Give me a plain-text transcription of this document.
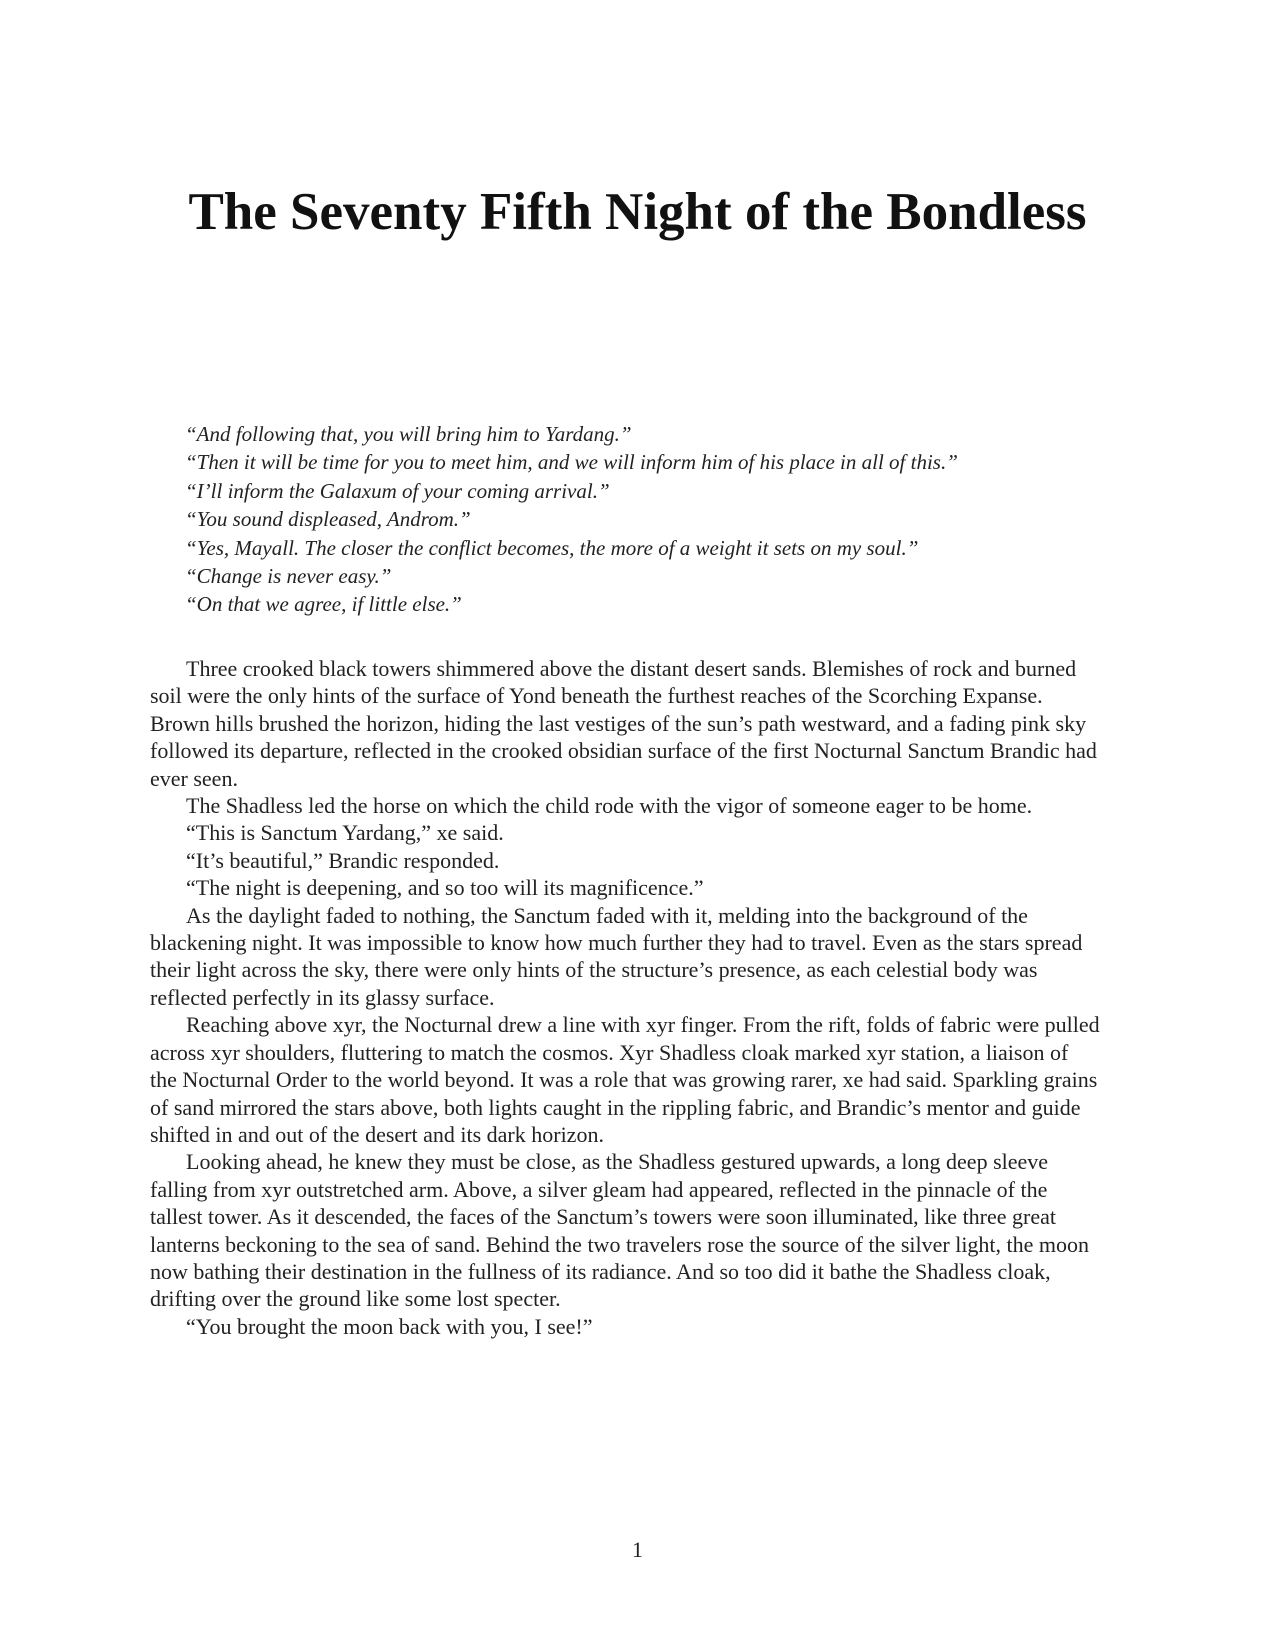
The Seventy Fifth Night of the Bondless
“And following that, you will bring him to Yardang.”
“Then it will be time for you to meet him, and we will inform him of his place in all of this.”
“I’ll inform the Galaxum of your coming arrival.”
“You sound displeased, Androm.”
“Yes, Mayall. The closer the conflict becomes, the more of a weight it sets on my soul.”
“Change is never easy.”
“On that we agree, if little else.”

Three crooked black towers shimmered above the distant desert sands. Blemishes of rock and burned soil were the only hints of the surface of Yond beneath the furthest reaches of the Scorching Expanse. Brown hills brushed the horizon, hiding the last vestiges of the sun’s path westward, and a fading pink sky followed its departure, reflected in the crooked obsidian surface of the first Nocturnal Sanctum Brandic had ever seen.

The Shadless led the horse on which the child rode with the vigor of someone eager to be home.

“This is Sanctum Yardang,” xe said.

“It’s beautiful,” Brandic responded.

“The night is deepening, and so too will its magnificence.”

As the daylight faded to nothing, the Sanctum faded with it, melding into the background of the blackening night. It was impossible to know how much further they had to travel. Even as the stars spread their light across the sky, there were only hints of the structure’s presence, as each celestial body was reflected perfectly in its glassy surface.

Reaching above xyr, the Nocturnal drew a line with xyr finger. From the rift, folds of fabric were pulled across xyr shoulders, fluttering to match the cosmos. Xyr Shadless cloak marked xyr station, a liaison of the Nocturnal Order to the world beyond. It was a role that was growing rarer, xe had said. Sparkling grains of sand mirrored the stars above, both lights caught in the rippling fabric, and Brandic’s mentor and guide shifted in and out of the desert and its dark horizon.

Looking ahead, he knew they must be close, as the Shadless gestured upwards, a long deep sleeve falling from xyr outstretched arm. Above, a silver gleam had appeared, reflected in the pinnacle of the tallest tower. As it descended, the faces of the Sanctum’s towers were soon illuminated, like three great lanterns beckoning to the sea of sand. Behind the two travelers rose the source of the silver light, the moon now bathing their destination in the fullness of its radiance. And so too did it bathe the Shadless cloak, drifting over the ground like some lost specter.

“You brought the moon back with you, I see!”

1
